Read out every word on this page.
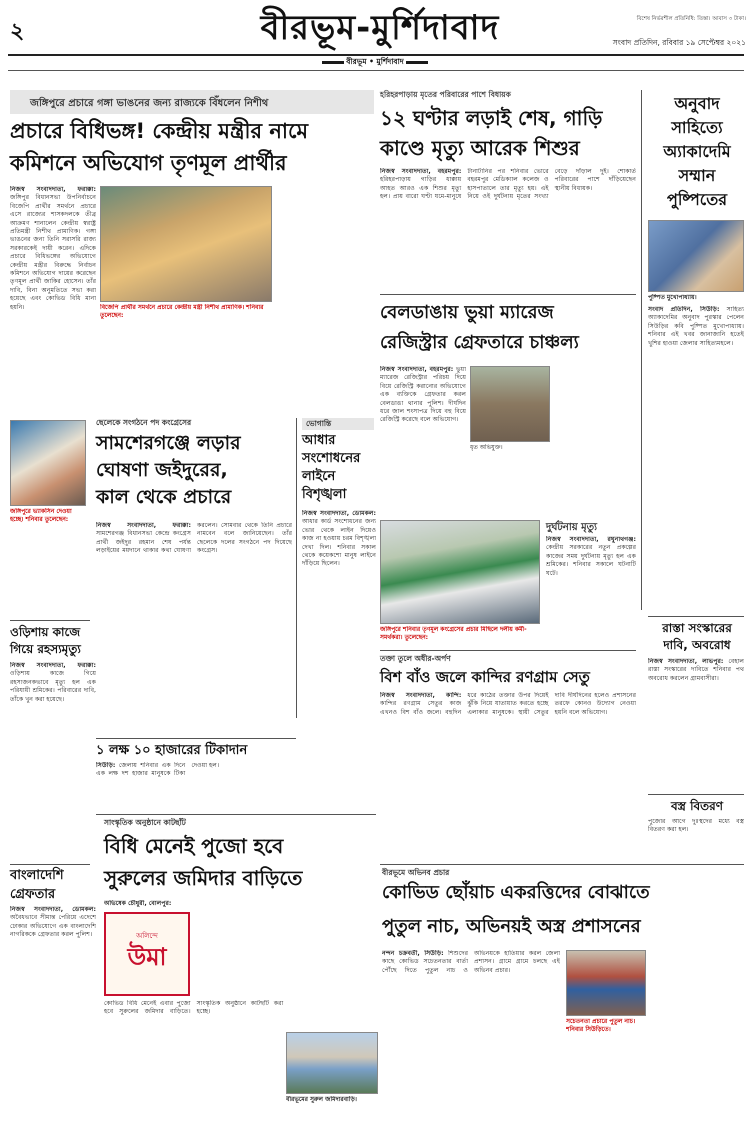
২	বীরভূম-মুর্শিদাবাদ	বিশেষ নির্ভরশীল প্রতিনিধি: তিস্তা। আবাস ৩ টাকা।
সংবাদ প্রতিদিন, রবিবার ১৯ সেপ্টেম্বর ২০২১
বীরভূম • মুর্শিদাবাদ
জঙ্গিপুরে প্রচারে গঙ্গা ভাঙনের জন্য রাজ্যকে বিঁধলেন নিশীথ
প্রচারে বিধিভঙ্গ! কেন্দ্রীয় মন্ত্রীর নামে
কমিশনে অভিযোগ তৃণমূল প্রার্থীর
নিজস্ব সংবাদদাতা, ফরাক্কা: জঙ্গিপুর বিধানসভা উপনির্বাচনে বিজেপি প্রার্থীর সমর্থনে প্রচারে এসে রাজ্যের শাসকদলকে তীব্র আক্রমণ শানালেন কেন্দ্রীয় স্বরাষ্ট্র প্রতিমন্ত্রী নিশীথ প্রামাণিক। গঙ্গা ভাঙনের জন্য তিনি সরাসরি রাজ্য সরকারকেই দায়ী করেন। এদিকে প্রচারে বিধিভঙ্গের অভিযোগে কেন্দ্রীয় মন্ত্রীর বিরুদ্ধে নির্বাচন কমিশনে অভিযোগ দায়ের করেছেন তৃণমূল প্রার্থী জাকির হোসেন। তাঁর দাবি, বিনা অনুমতিতে সভা করা হয়েছে এবং কোভিড বিধি মানা হয়নি।	বিজেপি প্রার্থীর সমর্থনে প্রচারে কেন্দ্রীয় মন্ত্রী নিশীথ প্রামাণিক। শনিবার তুলেছেন:
হরিহরপাড়ায় মৃতের পরিবারের পাশে বিধায়ক
১২ ঘণ্টার লড়াই শেষ, গাড়ি
কাণ্ডে মৃত্যু আরেক শিশুর
নিজস্ব সংবাদদাতা, বহরমপুর: হরিহরপাড়ায় গাড়ির ধাক্কায় আহত আরও এক শিশুর মৃত্যু হল। প্রায় বারো ঘণ্টা যমে-মানুষে টানাটানির পর শনিবার ভোরে বহরমপুর মেডিক্যাল কলেজ ও হাসপাতালে তার মৃত্যু হয়। এই নিয়ে ওই দুর্ঘটনায় মৃতের সংখ্যা বেড়ে দাঁড়াল দুই। শোকার্ত পরিবারের পাশে দাঁড়িয়েছেন স্থানীয় বিধায়ক।
অনুবাদ
সাহিত্যে
অ্যাকাদেমি
সম্মান
পুষ্পিতের
পুষ্পিত মুখোপাধ্যায়।
সংবাদ প্রতিদিন, সিউড়ি: সাহিত্য অ্যাকাদেমির অনুবাদ পুরস্কার পেলেন সিউড়ির কবি পুষ্পিত মুখোপাধ্যায়। শনিবার এই খবর জানাজানি হতেই খুশির হাওয়া জেলার সাহিত্যমহলে।
বেলডাঙায় ভুয়া ম্যারেজ
রেজিস্ট্রার গ্রেফতারে চাঞ্চল্য
নিজস্ব সংবাদদাতা, বহরমপুর: ভুয়া ম্যারেজ রেজিস্ট্রার পরিচয় দিয়ে বিয়ে রেজিস্ট্রি করানোর অভিযোগে এক ব্যক্তিকে গ্রেফতার করল বেলডাঙা থানার পুলিশ। দীর্ঘদিন ধরে জাল শংসাপত্র দিয়ে বহু বিয়ে রেজিস্ট্রি করেছে বলে অভিযোগ।
ধৃত অভিযুক্ত।
জঙ্গিপুরে ভ্যাকসিন দেওয়া হচ্ছে। শনিবার তুলেছেন:
ছেলেকে সংগঠনে পদ কংগ্রেসের
সামশেরগঞ্জে লড়ার
ঘোষণা জইদুরের,
কাল থেকে প্রচারে
নিজস্ব সংবাদদাতা, ফরাক্কা: সামশেরগঞ্জ বিধানসভা কেন্দ্রে কংগ্রেস প্রার্থী জইদুর রহমান শেষ পর্যন্ত লড়াইয়ের ময়দানে থাকার কথা ঘোষণা করলেন। সোমবার থেকে তিনি প্রচারে নামবেন বলে জানিয়েছেন। তাঁর ছেলেকে দলের সংগঠনে পদ দিয়েছে কংগ্রেস।
ভোগান্তি
আধার
সংশোধনের
লাইনে
বিশৃঙ্খলা
নিজস্ব সংবাদদাতা, ডোমকল: আধার কার্ড সংশোধনের জন্য ভোর থেকে লাইন দিয়েও কাজ না হওয়ায় চরম বিশৃঙ্খলা দেখা দিল। শনিবার সকাল থেকে কয়েকশো মানুষ লাইনে দাঁড়িয়ে ছিলেন।
জঙ্গিপুরে শনিবার তৃণমূল কংগ্রেসের প্রচার মিছিলে দলীয় কর্মী-সমর্থকরা। তুলেছেন:
দুর্ঘটনায় মৃত্যু
নিজস্ব সংবাদদাতা, রঘুনাথগঞ্জ: কেন্দ্রীয় সরকারের নতুন প্রকল্পের কাজের সময় দুর্ঘটনায় মৃত্যু হল এক শ্রমিকের। শনিবার সকালে ঘটনাটি ঘটে।
ওড়িশায় কাজে
গিয়ে রহস্যমৃত্যু
নিজস্ব সংবাদদাতা, ফরাক্কা: ওড়িশায় কাজে গিয়ে রহস্যজনকভাবে মৃত্যু হল এক পরিযায়ী শ্রমিকের। পরিবারের দাবি, তাঁকে খুন করা হয়েছে।
১ লক্ষ ১০ হাজারের টিকাদান
সিউড়ি: জেলায় শনিবার এক দিনে এক লক্ষ দশ হাজার মানুষকে টিকা দেওয়া হল।
তক্তা তুলে অধীর-অর্পণ
বিশ বাঁও জলে কান্দির রণগ্রাম সেতু
নিজস্ব সংবাদদাতা, কান্দি: কান্দির রণগ্রাম সেতুর কাজ এখনও বিশ বাঁও জলে। বহুদিন ধরে কাঠের তক্তার উপর দিয়েই ঝুঁকি নিয়ে যাতায়াত করতে হচ্ছে এলাকার মানুষকে। স্থায়ী সেতুর দাবি দীর্ঘদিনের হলেও প্রশাসনের তরফে কোনও উদ্যোগ নেওয়া হয়নি বলে অভিযোগ।
রাস্তা সংস্কারের
দাবি, অবরোধ
নিজস্ব সংবাদদাতা, লাভপুর: বেহাল রাস্তা সংস্কারের দাবিতে শনিবার পথ অবরোধ করলেন গ্রামবাসীরা।
বস্ত্র বিতরণ
পুজোর আগে দুঃস্থদের মধ্যে বস্ত্র বিতরণ করা হল।
সাংস্কৃতিক অনুষ্ঠানে কাটছাঁট
বিধি মেনেই পুজো হবে
সুরুলের জমিদার বাড়িতে
অভিষেক চৌধুরী, বোলপুর:
অলিন্দে
উমা
কোভিড বিধি মেনেই এবার পুজো হবে সুরুলের জমিদার বাড়িতে। সাংস্কৃতিক অনুষ্ঠানে কাটছাঁট করা হচ্ছে।
বীরভূমের সুরুল জমিদারবাড়ি।
বাংলাদেশি
গ্রেফতার
নিজস্ব সংবাদদাতা, ডোমকল: অবৈধভাবে সীমান্ত পেরিয়ে এদেশে ঢোকার অভিযোগে এক বাংলাদেশি নাগরিককে গ্রেফতার করল পুলিশ।
বীরভূমে অভিনব প্রচার
কোভিড ছোঁয়াচ একরত্তিদের বোঝাতে
পুতুল নাচ, অভিনয়ই অস্ত্র প্রশাসনের
নন্দন চক্রবর্তী, সিউড়ি: শিশুদের কাছে কোভিড সচেতনতার বার্তা পৌঁছে দিতে পুতুল নাচ ও অভিনয়কে হাতিয়ার করল জেলা প্রশাসন। গ্রামে গ্রামে চলছে এই অভিনব প্রচার।
সচেতনতা প্রচারে পুতুল নাচ। শনিবার সিউড়িতে।
